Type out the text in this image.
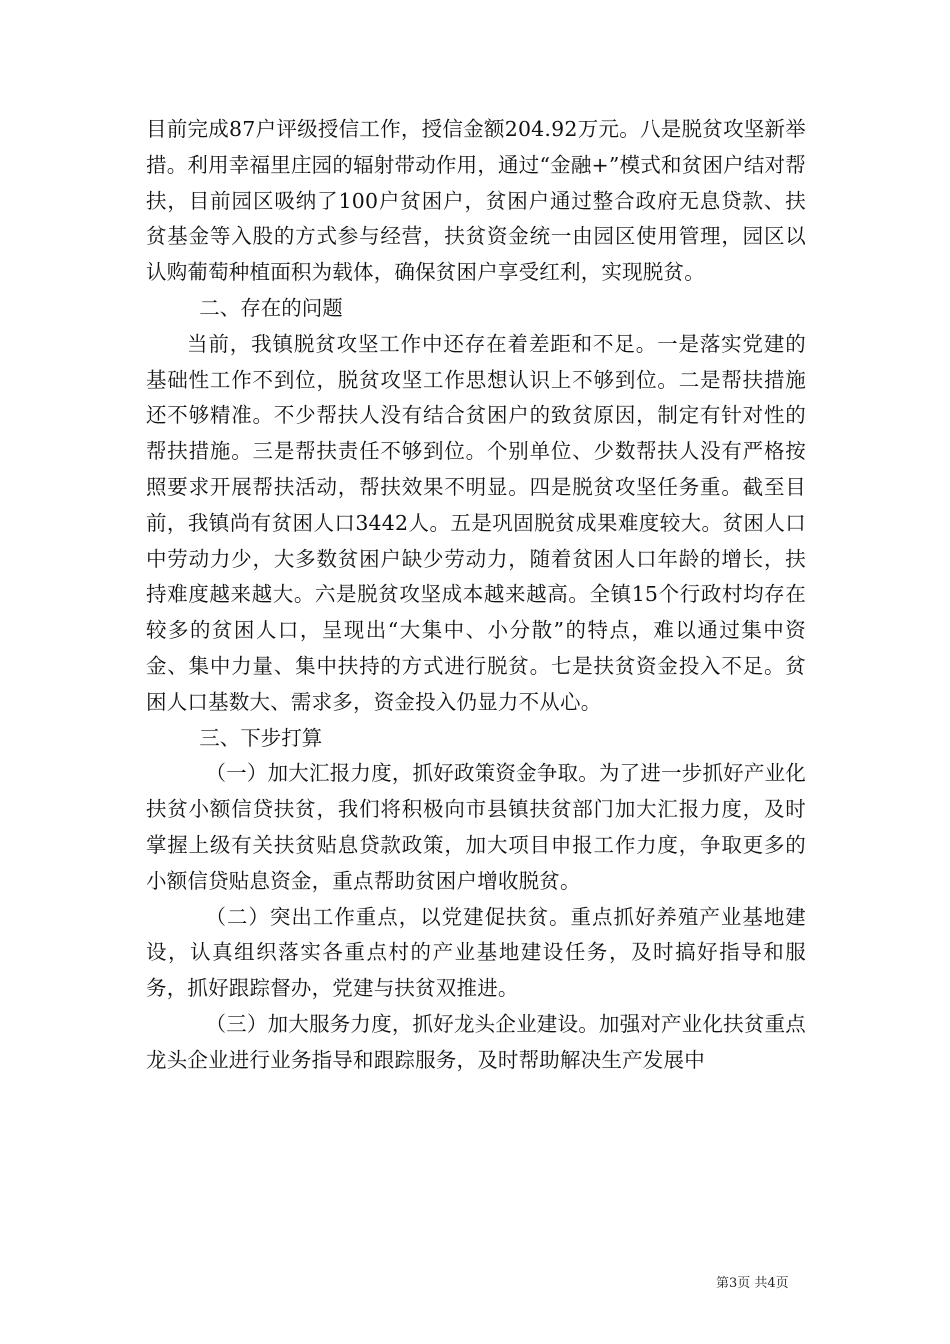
目前完成87户评级授信工作，授信金额204.92万元。八是脱贫攻坚新举措。利用幸福里庄园的辐射带动作用，通过“金融+”模式和贫困户结对帮扶，目前园区吸纳了100户贫困户，贫困户通过整合政府无息贷款、扶贫基金等入股的方式参与经营，扶贫资金统一由园区使用管理，园区以认购葡萄种植面积为载体，确保贫困户享受红利，实现脱贫。

二、存在的问题

当前，我镇脱贫攻坚工作中还存在着差距和不足。一是落实党建的基础性工作不到位，脱贫攻坚工作思想认识上不够到位。二是帮扶措施还不够精准。不少帮扶人没有结合贫困户的致贫原因，制定有针对性的帮扶措施。三是帮扶责任不够到位。个别单位、少数帮扶人没有严格按照要求开展帮扶活动，帮扶效果不明显。四是脱贫攻坚任务重。截至目前，我镇尚有贫困人口3442人。五是巩固脱贫成果难度较大。贫困人口中劳动力少，大多数贫困户缺少劳动力，随着贫困人口年龄的增长，扶持难度越来越大。六是脱贫攻坚成本越来越高。全镇15个行政村均存在较多的贫困人口，呈现出“大集中、小分散”的特点，难以通过集中资金、集中力量、集中扶持的方式进行脱贫。七是扶贫资金投入不足。贫困人口基数大、需求多，资金投入仍显力不从心。

三、下步打算

（一）加大汇报力度，抓好政策资金争取。为了进一步抓好产业化扶贫小额信贷扶贫，我们将积极向市县镇扶贫部门加大汇报力度，及时掌握上级有关扶贫贴息贷款政策，加大项目申报工作力度，争取更多的小额信贷贴息资金，重点帮助贫困户增收脱贫。

（二）突出工作重点，以党建促扶贫。重点抓好养殖产业基地建设，认真组织落实各重点村的产业基地建设任务，及时搞好指导和服务，抓好跟踪督办，党建与扶贫双推进。

（三）加大服务力度，抓好龙头企业建设。加强对产业化扶贫重点龙头企业进行业务指导和跟踪服务，及时帮助解决生产发展中

第3页 共4页
